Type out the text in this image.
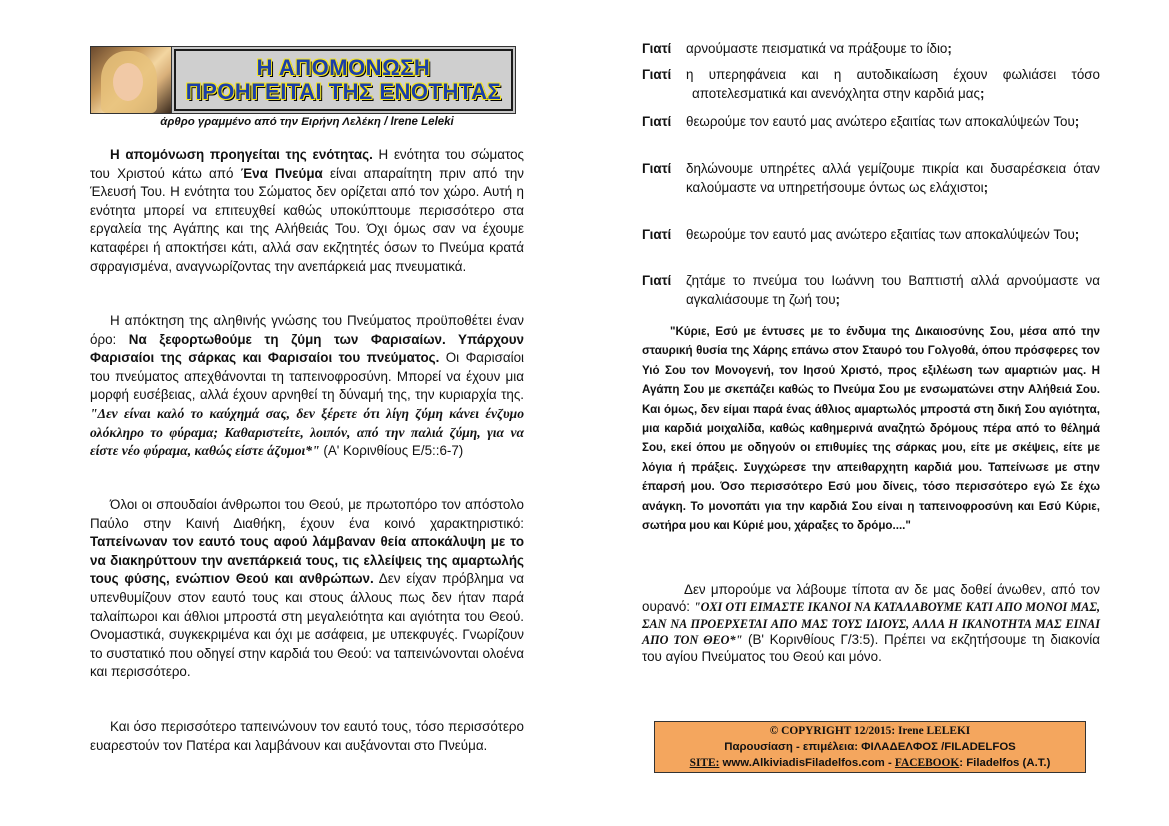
Η ΑΠΟΜΟΝΩΣΗ
ΠΡΟΗΓΕΙΤΑΙ ΤΗΣ ΕΝΟΤΗΤΑΣ
άρθρο γραμμένο από την Ειρήνη Λελέκη / Irene Leleki

Η απομόνωση προηγείται της ενότητας. Η ενότητα του σώματος του Χριστού κάτω από Ένα Πνεύμα είναι απαραίτητη πριν από την Έλευσή Του. Η ενότητα του Σώματος δεν ορίζεται από τον χώρο. Αυτή η ενότητα μπορεί να επιτευχθεί καθώς υποκύπτουμε περισσότερο στα εργαλεία της Αγάπης και της Αλήθειάς Του. Όχι όμως σαν να έχουμε καταφέρει ή αποκτήσει κάτι, αλλά σαν εκζητητές όσων το Πνεύμα κρατά σφραγισμένα, αναγνωρίζοντας την ανεπάρκειά μας πνευματικά.

Η απόκτηση της αληθινής γνώσης του Πνεύματος προϋποθέτει έναν όρο: Να ξεφορτωθούμε τη ζύμη των Φαρισαίων. Υπάρχουν Φαρισαίοι της σάρκας και Φαρισαίοι του πνεύματος. Οι Φαρισαίοι του πνεύματος απεχθάνονται τη ταπεινοφροσύνη. Μπορεί να έχουν μια μορφή ευσέβειας, αλλά έχουν αρνηθεί τη δύναμή της, την κυριαρχία της. "Δεν είναι καλό το καύχημά σας, δεν ξέρετε ότι λίγη ζύμη κάνει ένζυμο ολόκληρο το φύραμα; Καθαριστείτε, λοιπόν, από την παλιά ζύμη, για να είστε νέο φύραμα, καθώς είστε άζυμοι*" (Α' Κορινθίους Ε/5::6-7)

Όλοι οι σπουδαίοι άνθρωποι του Θεού, με πρωτοπόρο τον απόστολο Παύλο στην Καινή Διαθήκη, έχουν ένα κοινό χαρακτηριστικό: Ταπείνωναν τον εαυτό τους αφού λάμβαναν θεία αποκάλυψη με το να διακηρύττουν την ανεπάρκειά τους, τις ελλείψεις της αμαρτωλής τους φύσης, ενώπιον Θεού και ανθρώπων. Δεν είχαν πρόβλημα να υπενθυμίζουν στον εαυτό τους και στους άλλους πως δεν ήταν παρά ταλαίπωροι και άθλιοι μπροστά στη μεγαλειότητα και αγιότητα του Θεού. Ονομαστικά, συγκεκριμένα και όχι με ασάφεια, με υπεκφυγές. Γνωρίζουν το συστατικό που οδηγεί στην καρδιά του Θεού: να ταπεινώνονται ολοένα και περισσότερο.

Και όσο περισσότερο ταπεινώνουν τον εαυτό τους, τόσο περισσότερο ευαρεστούν τον Πατέρα και λαμβάνουν και αυξάνονται στο Πνεύμα.

Γιατί	αρνούμαστε πεισματικά να πράξουμε το ίδιο;
Γιατί	η υπερηφάνεια και η αυτοδικαίωση έχουν φωλιάσει τόσο αποτελεσματικά και ανενόχλητα στην καρδιά μας;
Γιατί	θεωρούμε τον εαυτό μας ανώτερο εξαιτίας των αποκαλύψεών Του;
Γιατί	δηλώνουμε υπηρέτες αλλά γεμίζουμε πικρία και δυσαρέσκεια όταν καλούμαστε να υπηρετήσουμε όντως ως ελάχιστοι;
Γιατί	θεωρούμε τον εαυτό μας ανώτερο εξαιτίας των αποκαλύψεών Του;
Γιατί	ζητάμε το πνεύμα του Ιωάννη του Βαπτιστή αλλά αρνούμαστε να αγκαλιάσουμε τη ζωή του;

"Κύριε, Εσύ με έντυσες με το ένδυμα της Δικαιοσύνης Σου, μέσα από την σταυρική θυσία της Χάρης επάνω στον Σταυρό του Γολγοθά, όπου πρόσφερες τον Υιό Σου τον Μονογενή, τον Ιησού Χριστό, προς εξιλέωση των αμαρτιών μας. Η Αγάπη Σου με σκεπάζει καθώς το Πνεύμα Σου με ενσωματώνει στην Αλήθειά Σου. Και όμως, δεν είμαι παρά ένας άθλιος αμαρτωλός μπροστά στη δική Σου αγιότητα, μια καρδιά μοιχαλίδα, καθώς καθημερινά αναζητώ δρόμους πέρα από το θέλημά Σου, εκεί όπου με οδηγούν οι επιθυμίες της σάρκας μου, είτε με σκέψεις, είτε με λόγια ή πράξεις. Συγχώρεσε την απειθαρχητη καρδιά μου. Ταπείνωσε με στην έπαρσή μου. Όσο περισσότερο Εσύ μου δίνεις, τόσο περισσότερο εγώ Σε έχω ανάγκη. Το μονοπάτι για την καρδιά Σου είναι η ταπεινοφροσύνη και Εσύ Κύριε, σωτήρα μου και Κύριέ μου, χάραξες το δρόμο...."

Δεν μπορούμε να λάβουμε τίποτα αν δε μας δοθεί άνωθεν, από τον ουρανό: "ΟΧΙ ΟΤΙ ΕΙΜΑΣΤΕ ΙΚΑΝΟΙ ΝΑ ΚΑΤΑΛΑΒΟΥΜΕ ΚΑΤΙ ΑΠΟ ΜΟΝΟΙ ΜΑΣ, ΣΑΝ ΝΑ ΠΡΟΕΡΧΕΤΑΙ ΑΠΟ ΜΑΣ ΤΟΥΣ ΙΔΙΟΥΣ, ΑΛΛΑ Η ΙΚΑΝΟΤΗΤΑ ΜΑΣ ΕΙΝΑΙ ΑΠΟ ΤΟΝ ΘΕΟ*" (Β' Κορινθίους Γ/3:5). Πρέπει να εκζητήσουμε τη διακονία του αγίου Πνεύματος του Θεού και μόνο.

© COPYRIGHT 12/2015: Irene LELEKI
Παρουσίαση - επιμέλεια: ΦΙΛΑΔΕΛΦΟΣ /FILADELFOS
SITE: www.AlkiviadisFiladelfos.com - FACEBOOK: Filadelfos (A.T.)
